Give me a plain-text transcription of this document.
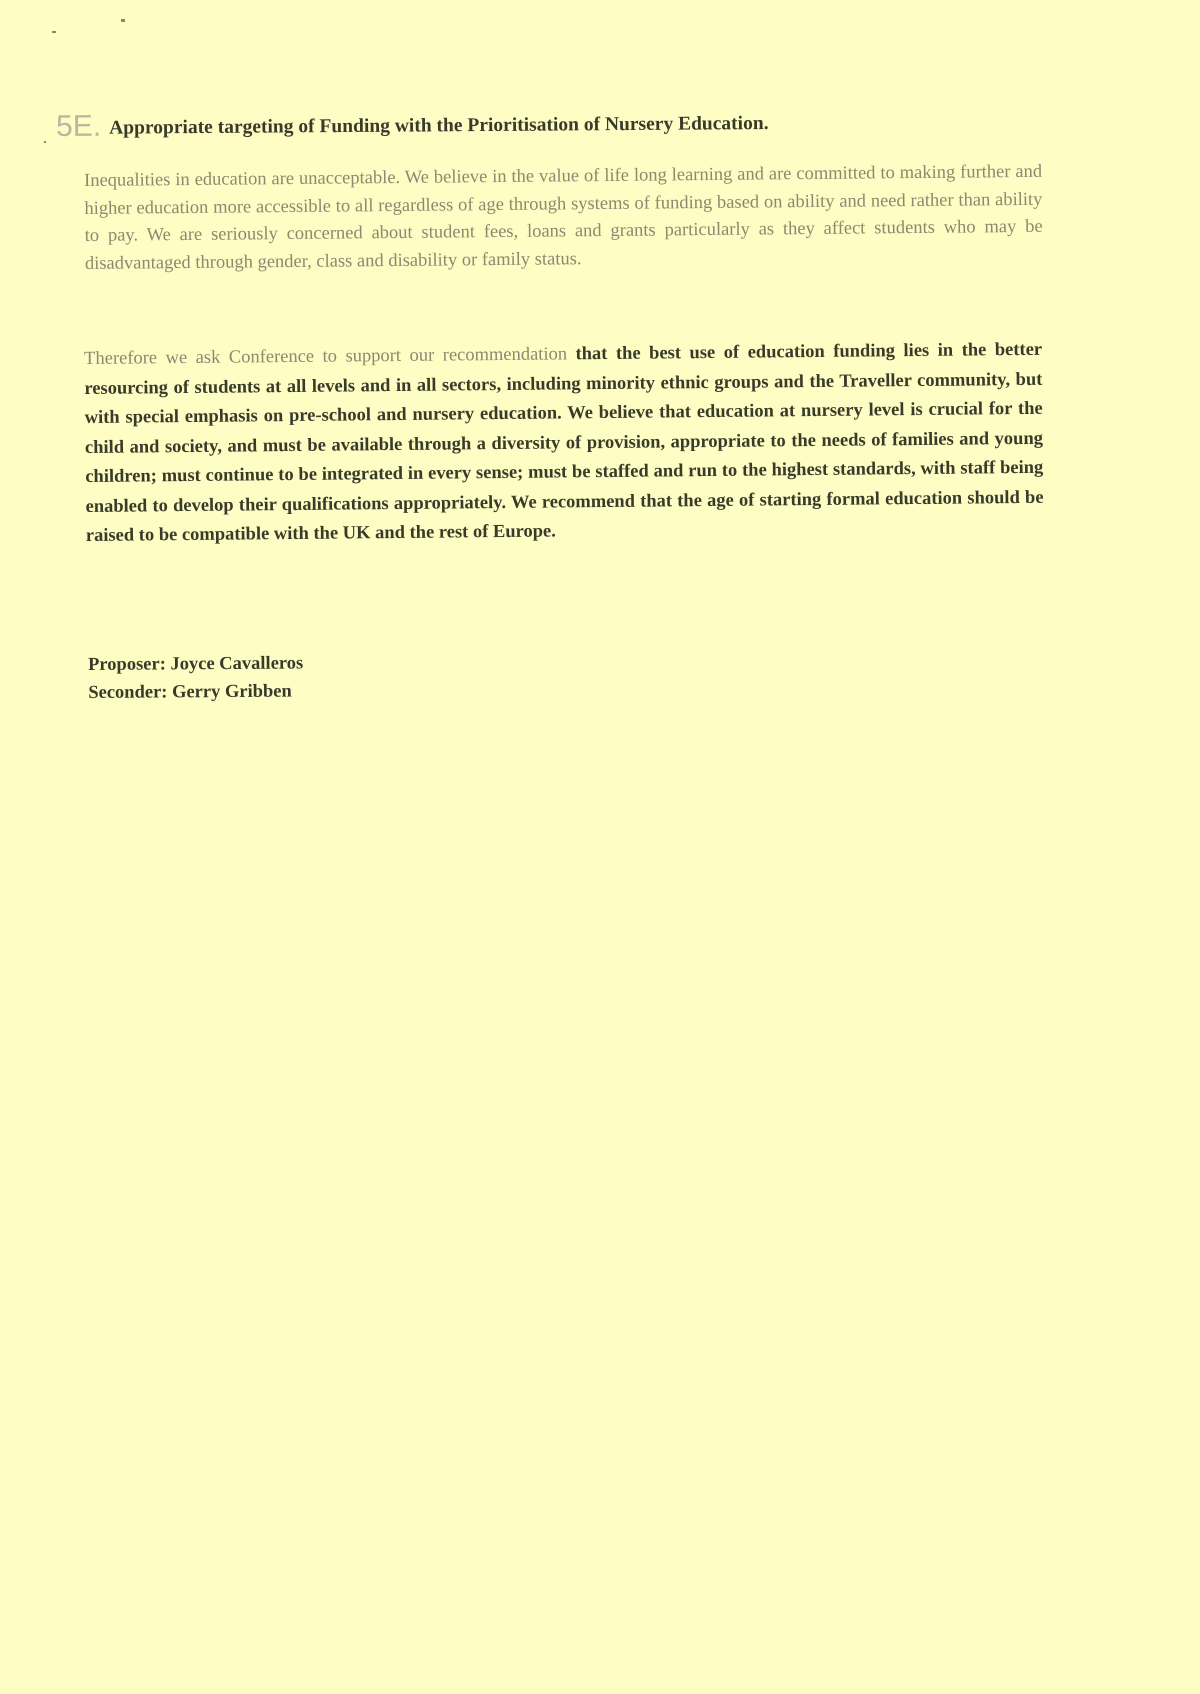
5E. Appropriate targeting of Funding with the Prioritisation of Nursery Education.
Inequalities in education are unacceptable. We believe in the value of life long learning and are committed to making further and higher education more accessible to all regardless of age through systems of funding based on ability and need rather than ability to pay. We are seriously concerned about student fees, loans and grants particularly as they affect students who may be disadvantaged through gender, class and disability or family status.
Therefore we ask Conference to support our recommendation that the best use of education funding lies in the better resourcing of students at all levels and in all sectors, including minority ethnic groups and the Traveller community, but with special emphasis on pre-school and nursery education. We believe that education at nursery level is crucial for the child and society, and must be available through a diversity of provision, appropriate to the needs of families and young children; must continue to be integrated in every sense; must be staffed and run to the highest standards, with staff being enabled to develop their qualifications appropriately. We recommend that the age of starting formal education should be raised to be compatible with the UK and the rest of Europe.
Proposer: Joyce Cavalleros
Seconder: Gerry Gribben
